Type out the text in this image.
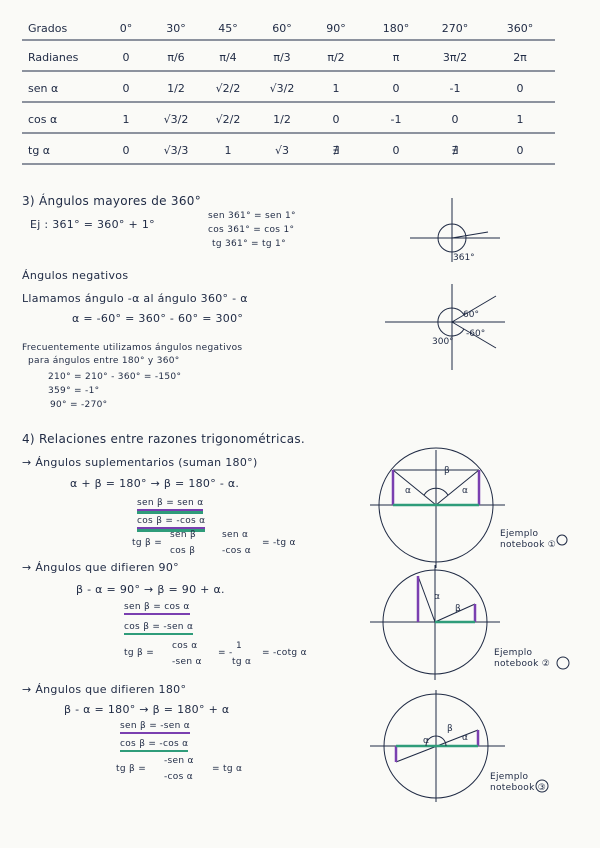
Grados	0°	30°	45°	60°	90°	180°	270°	360°
Radianes	0	π/6	π/4	π/3	π/2	π	3π/2	2π
sen α	0	1/2	√2/2	√3/2	1	0	-1	0
cos α	1	√3/2	√2/2	1/2	0	-1	0	1
tg α	0	√3/3	1	√3	∄	0	∄	0
3) Ángulos mayores de 360°
Ej : 361° = 360° + 1°
sen 361° = sen 1°
cos 361° = cos 1°
tg 361° = tg 1°
361°
Ángulos negativos
Llamamos ángulo -α al ángulo 360° - α
α = -60° = 360° - 60° = 300°
Frecuentemente utilizamos ángulos negativos
para ángulos entre 180° y 360°
210° = 210° - 360° = -150°
359° = -1°
90° = -270°
60°
-60°
300°
4) Relaciones entre razones trigonométricas.
→ Ángulos suplementarios (suman 180°)
α + β = 180° → β = 180° - α.
sen β = sen α
cos β = -cos α
tg β =
sen β
cos β
sen α
-cos α
= -tg α
Ejemplo notebook ①
α
β
α
→ Ángulos que difieren 90°
β - α = 90° → β = 90 + α.
sen β = cos α
cos β = -sen α
tg β =
cos α
-sen α
= -
1
tg α
= -cotg α	Ejemplo notebook ②
α
β
→ Ángulos que difieren 180°
β - α = 180° → β = 180° + α
sen β = -sen α
cos β = -cos α
tg β =
-sen α
-cos α
= tg α
Ejemplo notebook ③
α
β
α
